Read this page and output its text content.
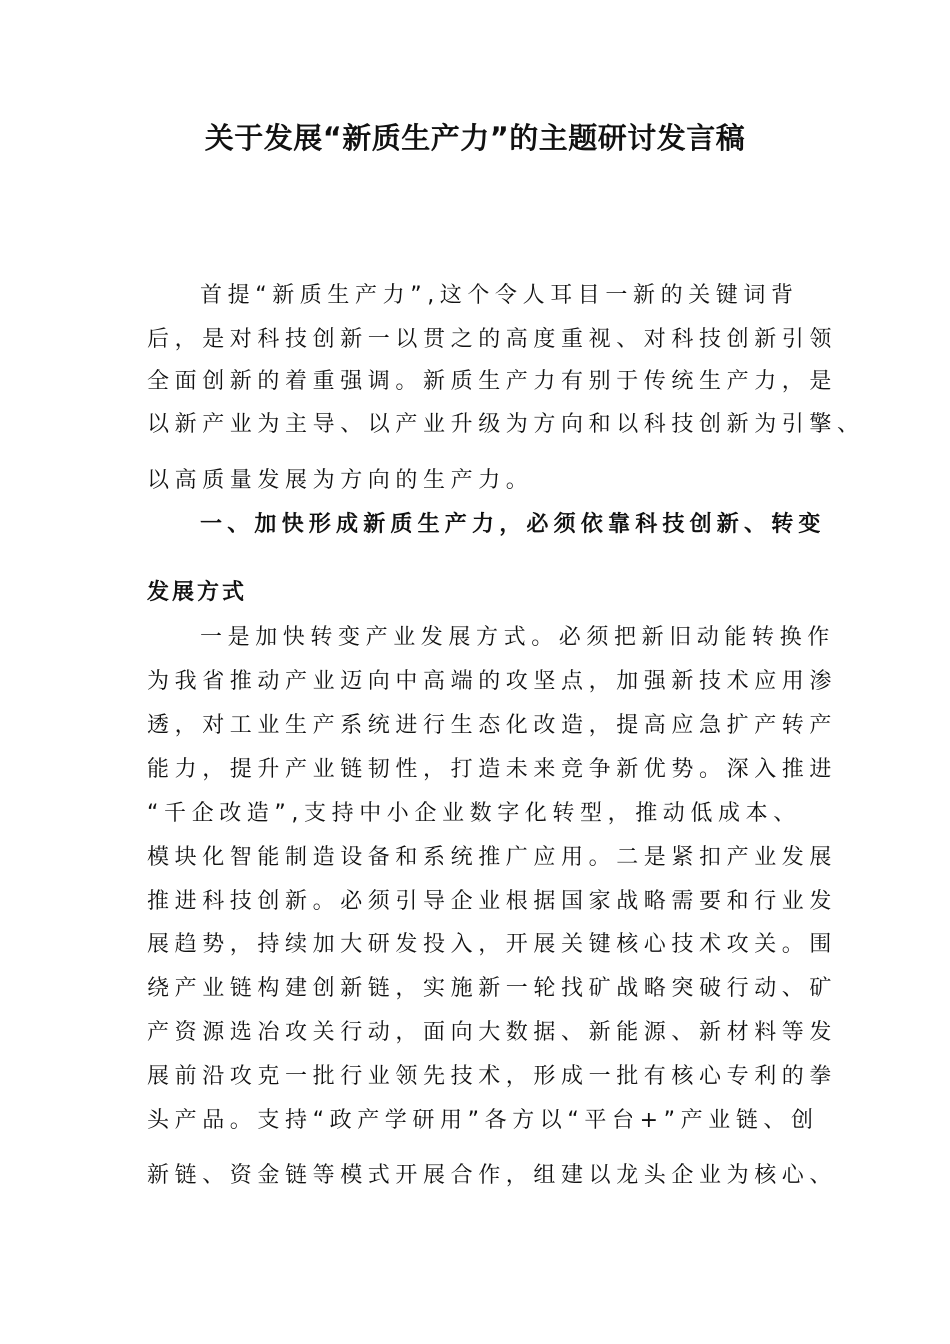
关于发展“新质生产力”的主题研讨发言稿
首提“新质生产力”,这个令人耳目一新的关键词背
后，是对科技创新一以贯之的高度重视、对科技创新引领
全面创新的着重强调。新质生产力有别于传统生产力，是
以新产业为主导、以产业升级为方向和以科技创新为引擎、
以高质量发展为方向的生产力。
一、加快形成新质生产力，必须依靠科技创新、转变
发展方式
一是加快转变产业发展方式。必须把新旧动能转换作
为我省推动产业迈向中高端的攻坚点，加强新技术应用渗
透，对工业生产系统进行生态化改造，提高应急扩产转产
能力，提升产业链韧性，打造未来竞争新优势。深入推进
“千企改造”,支持中小企业数字化转型，推动低成本、
模块化智能制造设备和系统推广应用。二是紧扣产业发展
推进科技创新。必须引导企业根据国家战略需要和行业发
展趋势，持续加大研发投入，开展关键核心技术攻关。围
绕产业链构建创新链，实施新一轮找矿战略突破行动、矿
产资源选冶攻关行动，面向大数据、新能源、新材料等发
展前沿攻克一批行业领先技术，形成一批有核心专利的拳
头产品。支持“政产学研用”各方以“平台+”产业链、创
新链、资金链等模式开展合作，组建以龙头企业为核心、
